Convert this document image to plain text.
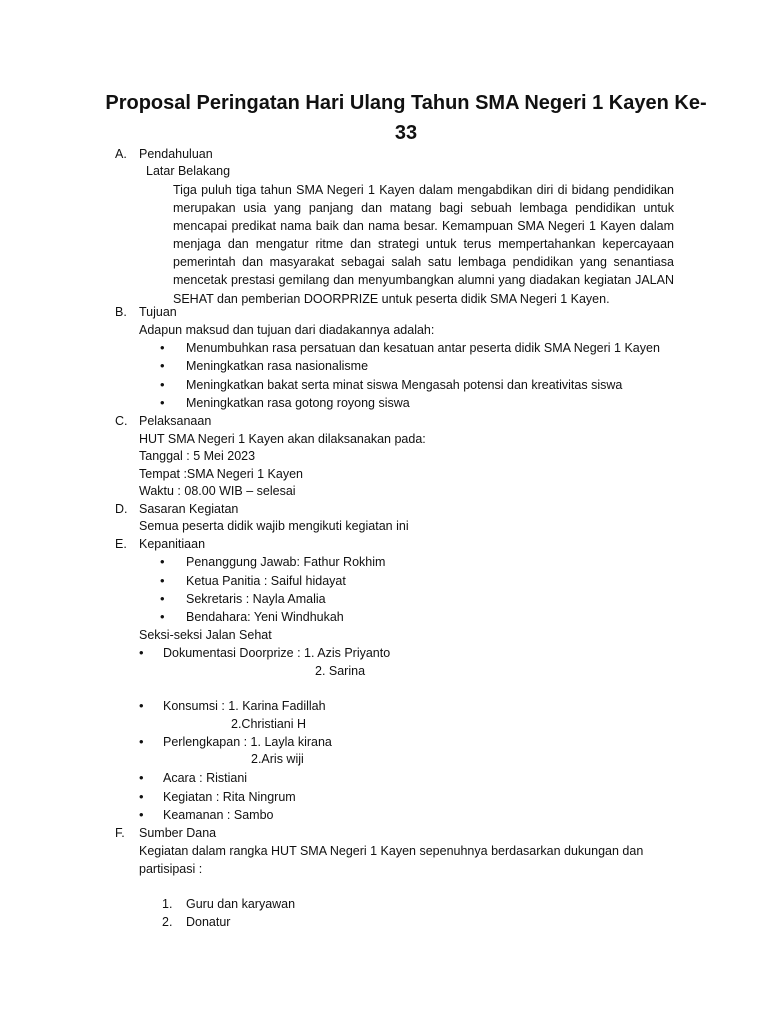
Proposal Peringatan Hari Ulang Tahun SMA Negeri 1 Kayen Ke-33
A. Pendahuluan
Latar Belakang
Tiga puluh tiga tahun SMA Negeri 1 Kayen dalam mengabdikan diri di bidang pendidikan merupakan usia yang panjang dan matang bagi sebuah lembaga pendidikan untuk mencapai predikat nama baik dan nama besar. Kemampuan SMA Negeri 1 Kayen dalam menjaga dan mengatur ritme dan strategi untuk terus mempertahankan kepercayaan pemerintah dan masyarakat sebagai salah satu lembaga pendidikan yang senantiasa mencetak prestasi gemilang dan menyumbangkan alumni yang diadakan kegiatan JALAN SEHAT dan pemberian DOORPRIZE untuk peserta didik SMA Negeri 1 Kayen.
B. Tujuan
Adapun maksud dan tujuan dari diadakannya adalah:
• Menumbuhkan rasa persatuan dan kesatuan antar peserta didik SMA Negeri 1 Kayen
• Meningkatkan rasa nasionalisme
• Meningkatkan bakat serta minat siswa Mengasah potensi dan kreativitas siswa
• Meningkatkan rasa gotong royong siswa
C. Pelaksanaan
HUT SMA Negeri 1 Kayen akan dilaksanakan pada:
Tanggal : 5 Mei 2023
Tempat :SMA Negeri 1 Kayen
Waktu : 08.00 WIB – selesai
D. Sasaran Kegiatan
Semua peserta didik wajib mengikuti kegiatan ini
E. Kepanitiaan
• Penanggung Jawab: Fathur Rokhim
• Ketua Panitia : Saiful hidayat
• Sekretaris : Nayla Amalia
• Bendahara: Yeni Windhukah
Seksi-seksi Jalan Sehat
• Dokumentasi Doorprize : 1. Azis Priyanto
2. Sarina
• Konsumsi : 1. Karina Fadillah
2.Christiani H
• Perlengkapan : 1. Layla kirana
2.Aris wiji
• Acara : Ristiani
• Kegiatan : Rita Ningrum
• Keamanan : Sambo
F. Sumber Dana
Kegiatan dalam rangka HUT SMA Negeri 1 Kayen sepenuhnya berdasarkan dukungan dan
partisipasi :
1. Guru dan karyawan
2. Donatur
